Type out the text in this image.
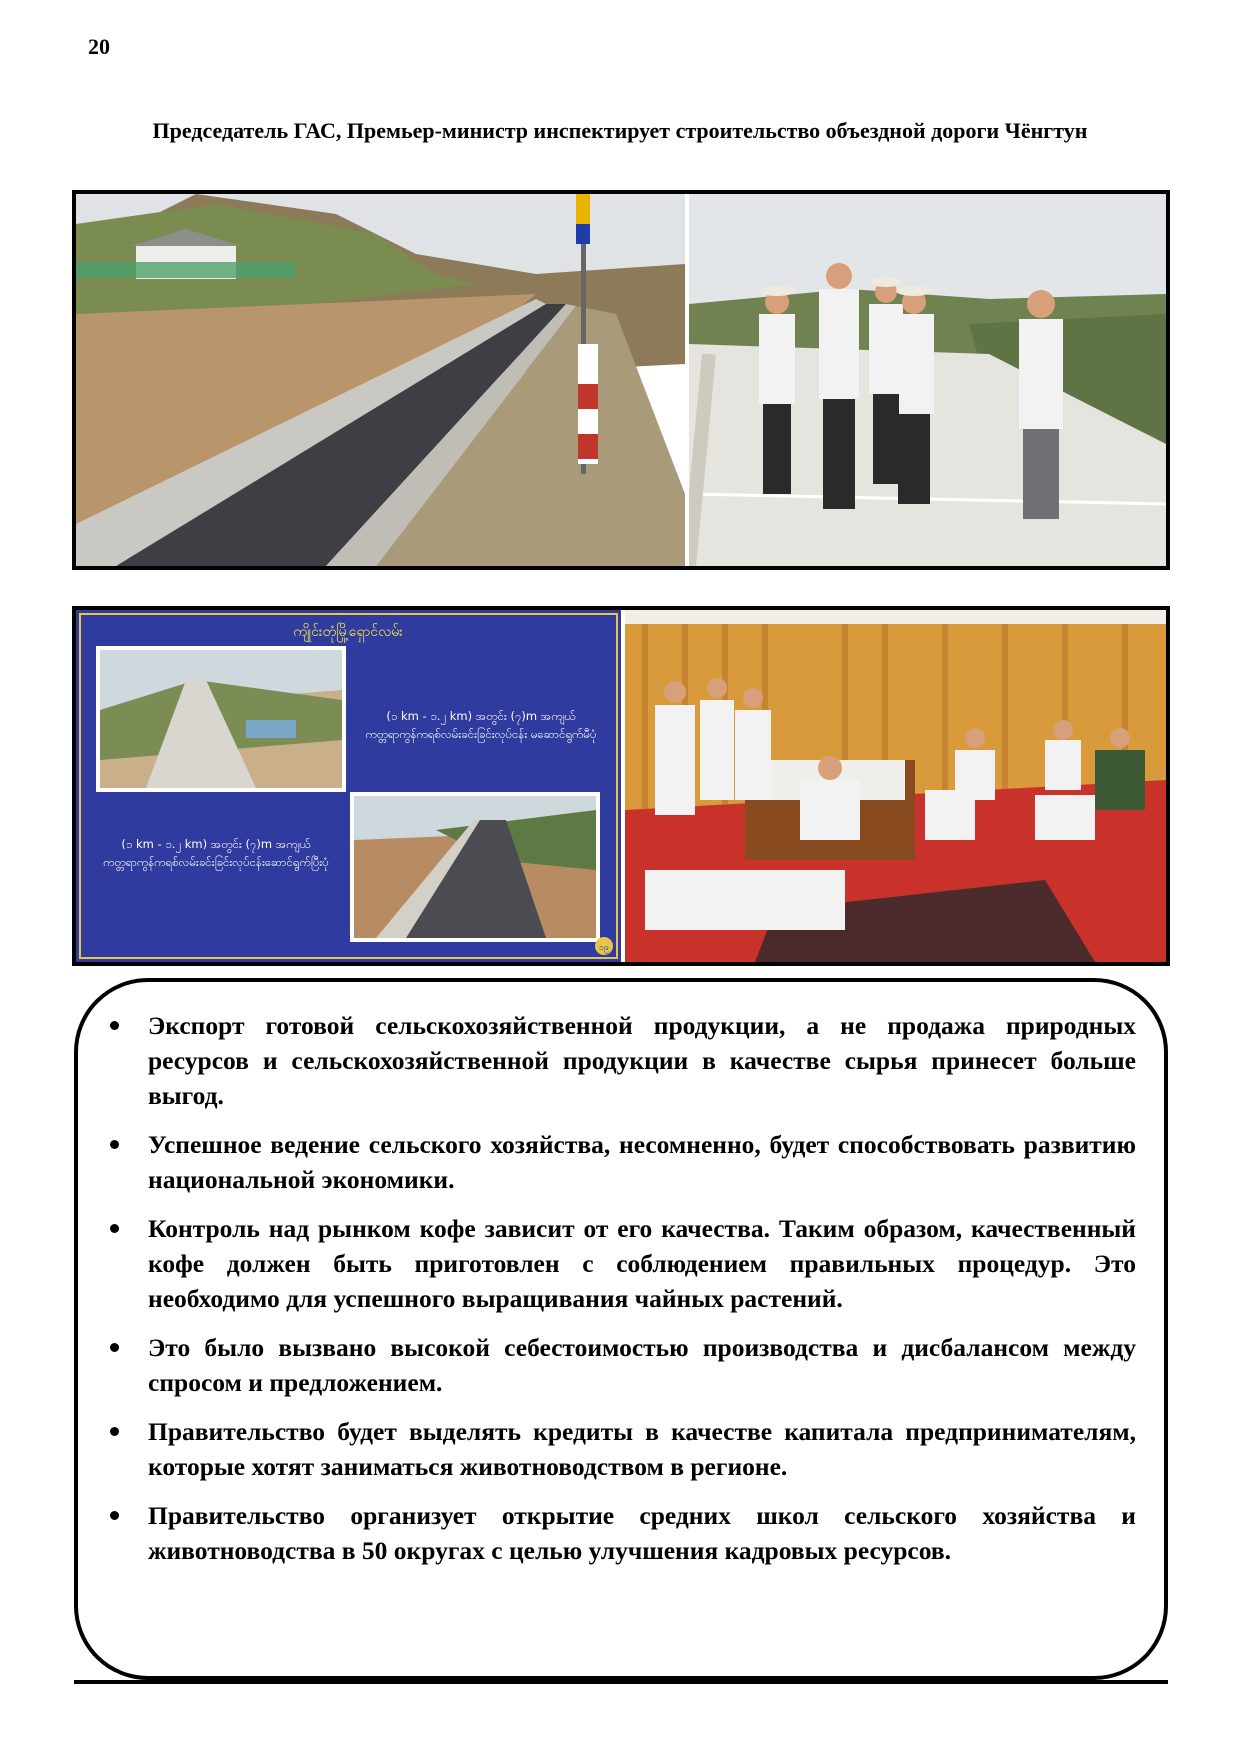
20
Председатель ГАС, Премьер-министр инспектирует строительство объездной дороги Чёнгтун
ကျိုင်းတုံမြို့ရှောင်လမ်း
(၁ km - ၁.၂ km) အတွင်း (၇)m အကျယ်
ကတ္တရာကွန်ကရစ်လမ်းခင်းခြင်းလုပ်ငန်း မဆောင်ရွက်မီပုံ
(၁ km - ၁.၂ km) အတွင်း (၇)m အကျယ်
ကတ္တရာကွန်ကရစ်လမ်းခင်းခြင်းလုပ်ငန်းဆောင်ရွက်ပြီးပုံ
၁၉
Экспорт готовой сельскохозяйственной продукции, а не продажа природных ресурсов и сельскохозяйственной продукции в качестве сырья принесет больше выгод.
Успешное ведение сельского хозяйства, несомненно, будет способствовать развитию национальной экономики.
Контроль над рынком кофе зависит от его качества. Таким образом, качественный кофе должен быть приготовлен с соблюдением правильных процедур. Это необходимо для успешного выращивания чайных растений.
Это было вызвано высокой себестоимостью производства и дисбалансом между спросом и предложением.
Правительство будет выделять кредиты в качестве капитала предпринимателям, которые хотят заниматься животноводством в регионе.
Правительство организует открытие средних школ сельского хозяйства и животноводства в 50 округах с целью улучшения кадровых ресурсов.
